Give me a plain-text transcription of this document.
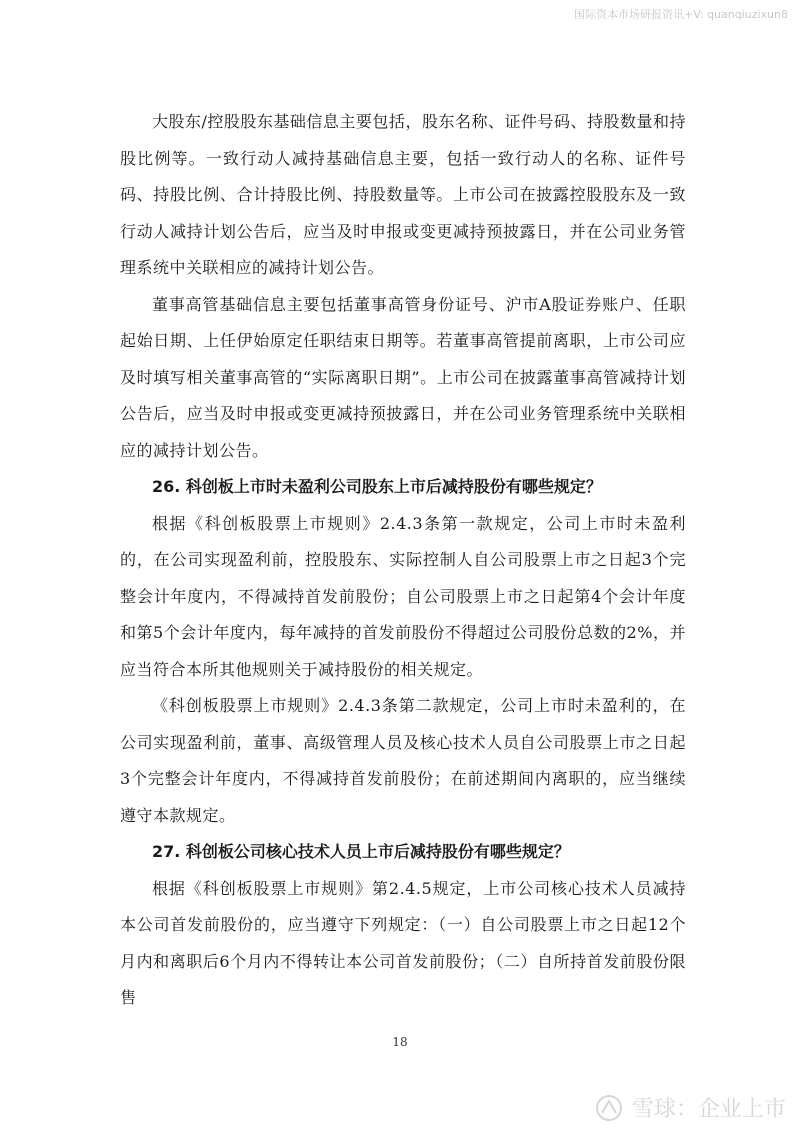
国际资本市场研报资讯+V: quanqiuzixun8

大股东/控股股东基础信息主要包括，股东名称、证件号码、持股数量和持股比例等。一致行动人减持基础信息主要，包括一致行动人的名称、证件号码、持股比例、合计持股比例、持股数量等。上市公司在披露控股股东及一致行动人减持计划公告后，应当及时申报或变更减持预披露日，并在公司业务管理系统中关联相应的减持计划公告。

董事高管基础信息主要包括董事高管身份证号、沪市A股证券账户、任职起始日期、上任伊始原定任职结束日期等。若董事高管提前离职，上市公司应及时填写相关董事高管的“实际离职日期”。上市公司在披露董事高管减持计划公告后，应当及时申报或变更减持预披露日，并在公司业务管理系统中关联相应的减持计划公告。

26. 科创板上市时未盈利公司股东上市后减持股份有哪些规定？

根据《科创板股票上市规则》2.4.3条第一款规定，公司上市时未盈利的，在公司实现盈利前，控股股东、实际控制人自公司股票上市之日起3个完整会计年度内，不得减持首发前股份；自公司股票上市之日起第4个会计年度和第5个会计年度内，每年减持的首发前股份不得超过公司股份总数的2%，并应当符合本所其他规则关于减持股份的相关规定。

《科创板股票上市规则》2.4.3条第二款规定，公司上市时未盈利的，在公司实现盈利前，董事、高级管理人员及核心技术人员自公司股票上市之日起3个完整会计年度内，不得减持首发前股份；在前述期间内离职的，应当继续遵守本款规定。

27. 科创板公司核心技术人员上市后减持股份有哪些规定？

根据《科创板股票上市规则》第2.4.5规定，上市公司核心技术人员减持本公司首发前股份的，应当遵守下列规定：（一）自公司股票上市之日起12个月内和离职后6个月内不得转让本公司首发前股份；（二）自所持首发前股份限售

18
雪球：企业上市
